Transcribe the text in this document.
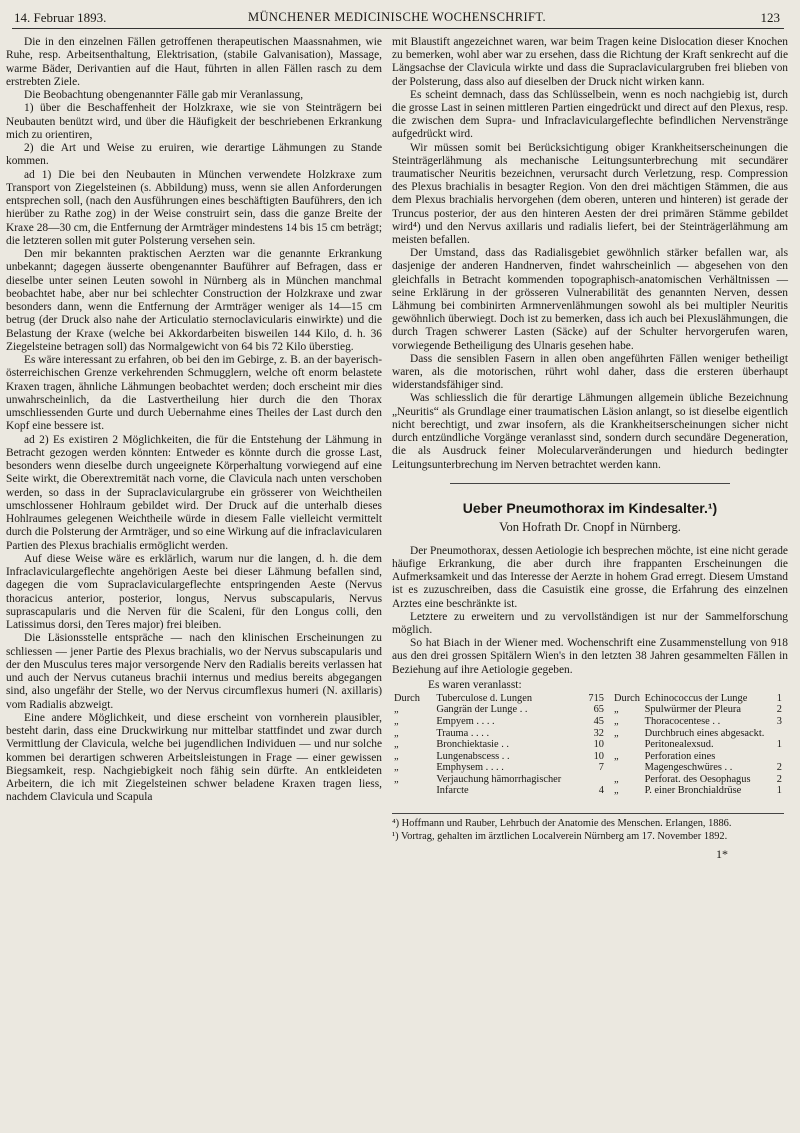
14. Februar 1893.	MÜNCHENER MEDICINISCHE WOCHENSCHRIFT.	123

Die in den einzelnen Fällen getroffenen therapeutischen Maassnahmen, wie Ruhe, resp. Arbeitsenthaltung, Elektrisation, (stabile Galvanisation), Massage, warme Bäder, Derivantien auf die Haut, führten in allen Fällen rasch zu dem erstrebten Ziele.

Die Beobachtung obengenannter Fälle gab mir Veranlassung,

1) über die Beschaffenheit der Holzkraxe, wie sie von Steinträgern bei Neubauten benützt wird, und über die Häufigkeit der beschriebenen Erkrankung mich zu orientiren,

2) die Art und Weise zu eruiren, wie derartige Lähmungen zu Stande kommen.

ad 1) Die bei den Neubauten in München verwendete Holzkraxe zum Transport von Ziegelsteinen (s. Abbildung) muss, wenn sie allen Anforderungen entsprechen soll, (nach den Ausführungen eines beschäftigten Bauführers, den ich hierüber zu Rathe zog) in der Weise construirt sein, dass die ganze Breite der Kraxe 28—30 cm, die Entfernung der Armträger mindestens 14 bis 15 cm beträgt; die letzteren sollen mit guter Polsterung versehen sein.

Den mir bekannten praktischen Aerzten war die genannte Erkrankung unbekannt; dagegen äusserte obengenannter Bauführer auf Befragen, dass er dieselbe unter seinen Leuten sowohl in Nürnberg als in München manchmal beobachtet habe, aber nur bei schlechter Construction der Holzkraxe und zwar besonders dann, wenn die Entfernung der Armträger weniger als 14—15 cm betrug (der Druck also nahe der Articulatio sternoclavicularis einwirkte) und die Belastung der Kraxe (welche bei Akkordarbeiten bisweilen 144 Kilo, d. h. 36 Ziegelsteine betragen soll) das Normalgewicht von 64 bis 72 Kilo überstieg.

Es wäre interessant zu erfahren, ob bei den im Gebirge, z. B. an der bayerisch-österreichischen Grenze verkehrenden Schmugglern, welche oft enorm belastete Kraxen tragen, ähnliche Lähmungen beobachtet werden; doch erscheint mir dies unwahrscheinlich, da die Lastvertheilung hier durch die den Thorax umschliessenden Gurte und durch Uebernahme eines Theiles der Last durch den Kopf eine bessere ist.

ad 2) Es existiren 2 Möglichkeiten, die für die Entstehung der Lähmung in Betracht gezogen werden könnten: Entweder es könnte durch die grosse Last, besonders wenn dieselbe durch ungeeignete Körperhaltung vorwiegend auf eine Seite wirkt, die Oberextremität nach vorne, die Clavicula nach unten verschoben werden, so dass in der Supraclaviculargrube ein grösserer von Weichtheilen umschlossener Hohlraum gebildet wird. Der Druck auf die unterhalb dieses Hohlraumes gelegenen Weichtheile würde in diesem Falle vielleicht vermittelt durch die Polsterung der Armträger, und so eine Wirkung auf die infraclavicularen Partien des Plexus brachialis ermöglicht werden.

Auf diese Weise wäre es erklärlich, warum nur die langen, d. h. die dem Infraclaviculargeflechte angehörigen Aeste bei dieser Lähmung befallen sind, dagegen die vom Supraclaviculargeflechte entspringenden Aeste (Nervus thoracicus anterior, posterior, longus, Nervus subscapularis, Nervus suprascapularis und die Nerven für die Scaleni, für den Longus colli, den Latissimus dorsi, den Teres major) frei bleiben.

Die Läsionsstelle entspräche — nach den klinischen Erscheinungen zu schliessen — jener Partie des Plexus brachialis, wo der Nervus subscapularis und der den Musculus teres major versorgende Nerv den Radialis bereits verlassen hat und auch der Nervus cutaneus brachii internus und medius bereits abgegangen sind, also ungefähr der Stelle, wo der Nervus circumflexus humeri (N. axillaris) vom Radialis abzweigt.

Eine andere Möglichkeit, und diese erscheint von vornherein plausibler, besteht darin, dass eine Druckwirkung nur mittelbar stattfindet und zwar durch Vermittlung der Clavicula, welche bei jugendlichen Individuen — und nur solche kommen bei derartigen schweren Arbeitsleistungen in Frage — einer gewissen Biegsamkeit, resp. Nachgiebigkeit noch fähig sein dürfte. An entkleideten Arbeitern, die ich mit Ziegelsteinen schwer beladene Kraxen tragen liess, nachdem Clavicula und Scapula

mit Blaustift angezeichnet waren, war beim Tragen keine Dislocation dieser Knochen zu bemerken, wohl aber war zu ersehen, dass die Richtung der Kraft senkrecht auf die Längsachse der Clavicula wirkte und dass die Supraclaviculargruben frei blieben von der Polsterung, dass also auf dieselben der Druck nicht wirken kann.

Es scheint demnach, dass das Schlüsselbein, wenn es noch nachgiebig ist, durch die grosse Last in seinen mittleren Partien eingedrückt und direct auf den Plexus, resp. die zwischen dem Supra- und Infraclaviculargeflechte befindlichen Nervenstränge aufgedrückt wird.

Wir müssen somit bei Berücksichtigung obiger Krankheitserscheinungen die Steinträgerlähmung als mechanische Leitungsunterbrechung mit secundärer traumatischer Neuritis bezeichnen, verursacht durch Verletzung, resp. Compression des Plexus brachialis in besagter Region. Von den drei mächtigen Stämmen, die aus dem Plexus brachialis hervorgehen (dem oberen, unteren und hinteren) ist gerade der Truncus posterior, der aus den hinteren Aesten der drei primären Stämme gebildet wird⁴) und den Nervus axillaris und radialis liefert, bei der Steinträgerlähmung am meisten befallen.

Der Umstand, dass das Radialisgebiet gewöhnlich stärker befallen war, als dasjenige der anderen Handnerven, findet wahrscheinlich — abgesehen von den gleichfalls in Betracht kommenden topographisch-anatomischen Verhältnissen — seine Erklärung in der grösseren Vulnerabilität des genannten Nerven, dessen Lähmung bei combinirten Armnervenlähmungen sowohl als bei multipler Neuritis gewöhnlich überwiegt. Doch ist zu bemerken, dass ich auch bei Plexuslähmungen, die durch Tragen schwerer Lasten (Säcke) auf der Schulter hervorgerufen waren, vorwiegende Betheiligung des Ulnaris gesehen habe.

Dass die sensiblen Fasern in allen oben angeführten Fällen weniger betheiligt waren, als die motorischen, rührt wohl daher, dass die ersteren überhaupt widerstandsfähiger sind.

Was schliesslich die für derartige Lähmungen allgemein übliche Bezeichnung „Neuritis“ als Grundlage einer traumatischen Läsion anlangt, so ist dieselbe eigentlich nicht berechtigt, und zwar insofern, als die Krankheitserscheinungen sicher nicht durch entzündliche Vorgänge veranlasst sind, sondern durch secundäre Degeneration, die als Ausdruck feiner Molecularveränderungen und hiedurch bedingter Leitungsunterbrechung im Nerven betrachtet werden kann.

Ueber Pneumothorax im Kindesalter.¹)
Von Hofrath Dr. Cnopf in Nürnberg.

Der Pneumothorax, dessen Aetiologie ich besprechen möchte, ist eine nicht gerade häufige Erkrankung, die aber durch ihre frappanten Erscheinungen die Aufmerksamkeit und das Interesse der Aerzte in hohem Grad erregt. Diesem Umstand ist es zuzuschreiben, dass die Casuistik eine grosse, die Erfahrung des einzelnen Arztes eine beschränkte ist.

Letztere zu erweitern und zu vervollständigen ist nur der Sammelforschung möglich.

So hat Biach in der Wiener med. Wochenschrift eine Zusammenstellung von 918 aus den drei grossen Spitälern Wien's in den letzten 38 Jahren gesammelten Fällen in Beziehung auf ihre Aetiologie gegeben.

Es waren veranlasst:
Durch	Tuberculose d. Lungen	715
„	Gangrän der Lunge . .	65
„	Empyem . . . .	45
„	Trauma . . . .	32
„	Bronchiektasie . .	10
„	Lungenabscess . .	10
„	Emphysem . . . .	7
„	Verjauchung hämorrhagischer Infarcte	4
Durch	Echinococcus der Lunge	1
„	Spulwürmer der Pleura	2
„	Thoracocentese . .	3
„	Durchbruch eines abgesackt. Peritonealexsud.	1
„	Perforation eines Magengeschwüres . .	2
„	Perforat. des Oesophagus	2
„	P. einer Bronchialdrüse	1
⁴) Hoffmann und Rauber, Lehrbuch der Anatomie des Menschen. Erlangen, 1886.
¹) Vortrag, gehalten im ärztlichen Localverein Nürnberg am 17. November 1892.
1*
